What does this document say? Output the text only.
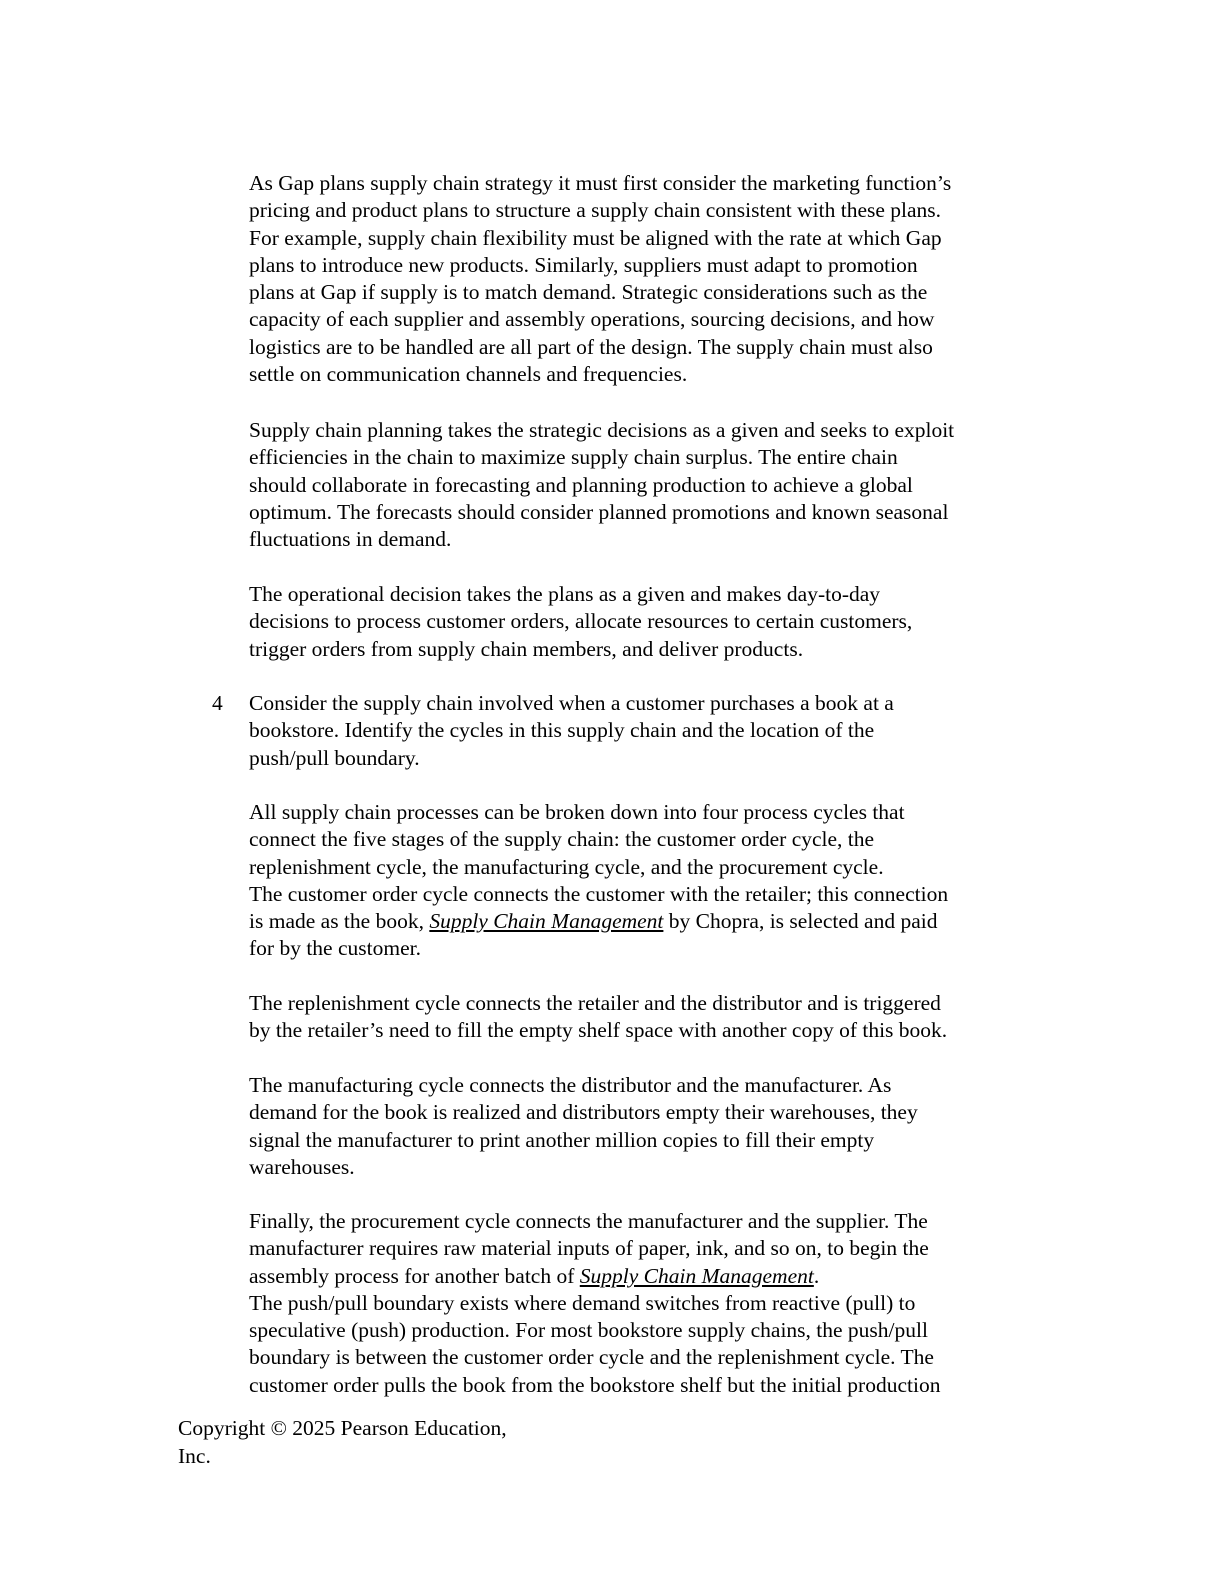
As Gap plans supply chain strategy it must first consider the marketing function’s
pricing and product plans to structure a supply chain consistent with these plans.
For example, supply chain flexibility must be aligned with the rate at which Gap
plans to introduce new products. Similarly, suppliers must adapt to promotion
plans at Gap if supply is to match demand. Strategic considerations such as the
capacity of each supplier and assembly operations, sourcing decisions, and how
logistics are to be handled are all part of the design. The supply chain must also
settle on communication channels and frequencies.
Supply chain planning takes the strategic decisions as a given and seeks to exploit
efficiencies in the chain to maximize supply chain surplus. The entire chain
should collaborate in forecasting and planning production to achieve a global
optimum. The forecasts should consider planned promotions and known seasonal
fluctuations in demand.
The operational decision takes the plans as a given and makes day-to-day
decisions to process customer orders, allocate resources to certain customers,
trigger orders from supply chain members, and deliver products.
4 Consider the supply chain involved when a customer purchases a book at a
bookstore. Identify the cycles in this supply chain and the location of the
push/pull boundary.
All supply chain processes can be broken down into four process cycles that
connect the five stages of the supply chain: the customer order cycle, the
replenishment cycle, the manufacturing cycle, and the procurement cycle.
The customer order cycle connects the customer with the retailer; this connection
is made as the book, Supply Chain Management by Chopra, is selected and paid
for by the customer.
The replenishment cycle connects the retailer and the distributor and is triggered
by the retailer’s need to fill the empty shelf space with another copy of this book.
The manufacturing cycle connects the distributor and the manufacturer. As
demand for the book is realized and distributors empty their warehouses, they
signal the manufacturer to print another million copies to fill their empty
warehouses.
Finally, the procurement cycle connects the manufacturer and the supplier. The
manufacturer requires raw material inputs of paper, ink, and so on, to begin the
assembly process for another batch of Supply Chain Management.
The push/pull boundary exists where demand switches from reactive (pull) to
speculative (push) production. For most bookstore supply chains, the push/pull
boundary is between the customer order cycle and the replenishment cycle. The
customer order pulls the book from the bookstore shelf but the initial production
Copyright © 2025 Pearson Education,
Inc.
